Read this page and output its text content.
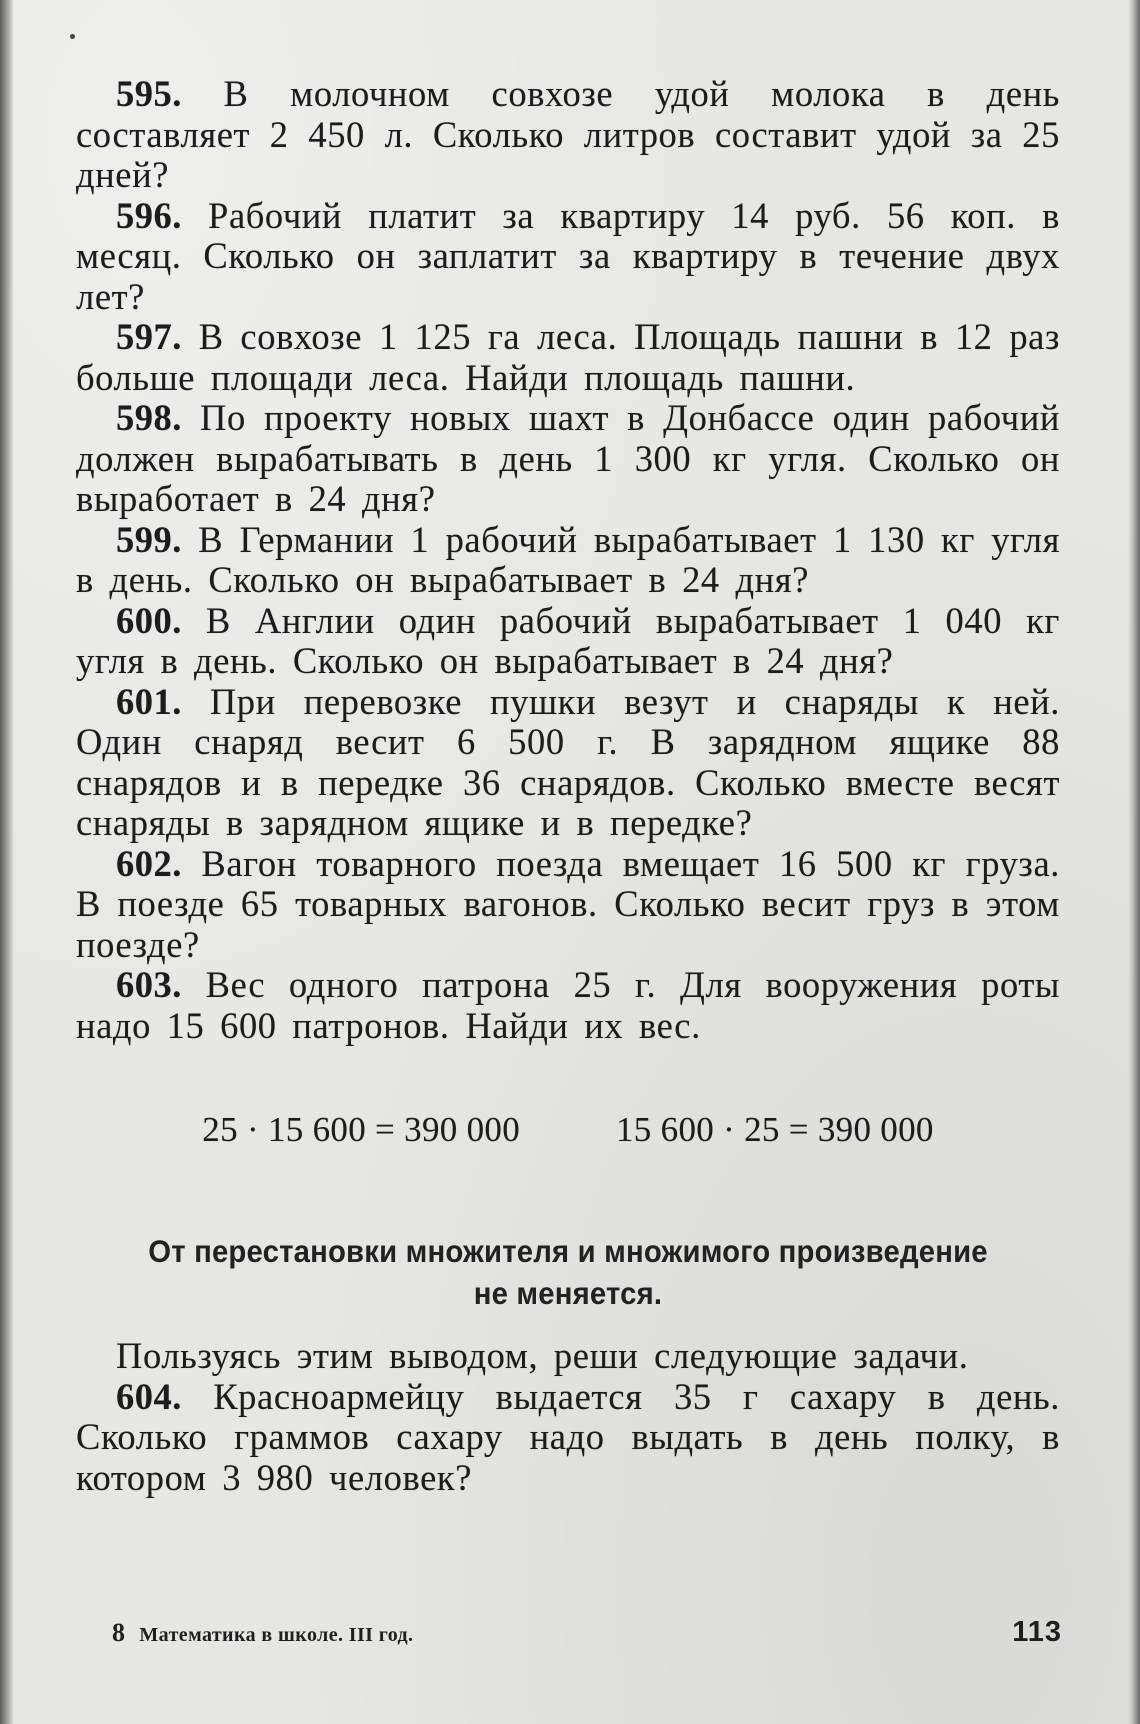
595. В молочном совхозе удой молока в день составляет 2 450 л. Сколько литров составит удой за 25 дней?

596. Рабочий платит за квартиру 14 руб. 56 коп. в месяц. Сколько он заплатит за квартиру в течение двух лет?

597. В совхозе 1 125 га леса. Площадь пашни в 12 раз больше площади леса. Найди площадь пашни.

598. По проекту новых шахт в Донбассе один рабочий должен вырабатывать в день 1 300 кг угля. Сколько он выработает в 24 дня?

599. В Германии 1 рабочий вырабатывает 1 130 кг угля в день. Сколько он вырабатывает в 24 дня?

600. В Англии один рабочий вырабатывает 1 040 кг угля в день. Сколько он вырабатывает в 24 дня?

601. При перевозке пушки везут и снаряды к ней. Один снаряд весит 6 500 г. В зарядном ящике 88 снарядов и в передке 36 снарядов. Сколько вместе весят снаряды в зарядном ящике и в передке?

602. Вагон товарного поезда вмещает 16 500 кг груза. В поезде 65 товарных вагонов. Сколько весит груз в этом поезде?

603. Вес одного патрона 25 г. Для вооружения роты надо 15 600 патронов. Найди их вес.

25 · 15 600 = 390 000	15 600 · 25 = 390 000

От перестановки множителя и множимого произведение

не меняется.

Пользуясь этим выводом, реши следующие задачи.

604. Красноармейцу выдается 35 г сахару в день. Сколько граммов сахару надо выдать в день полку, в котором 3 980 человек?

8 Математика в школе. III год.	113
